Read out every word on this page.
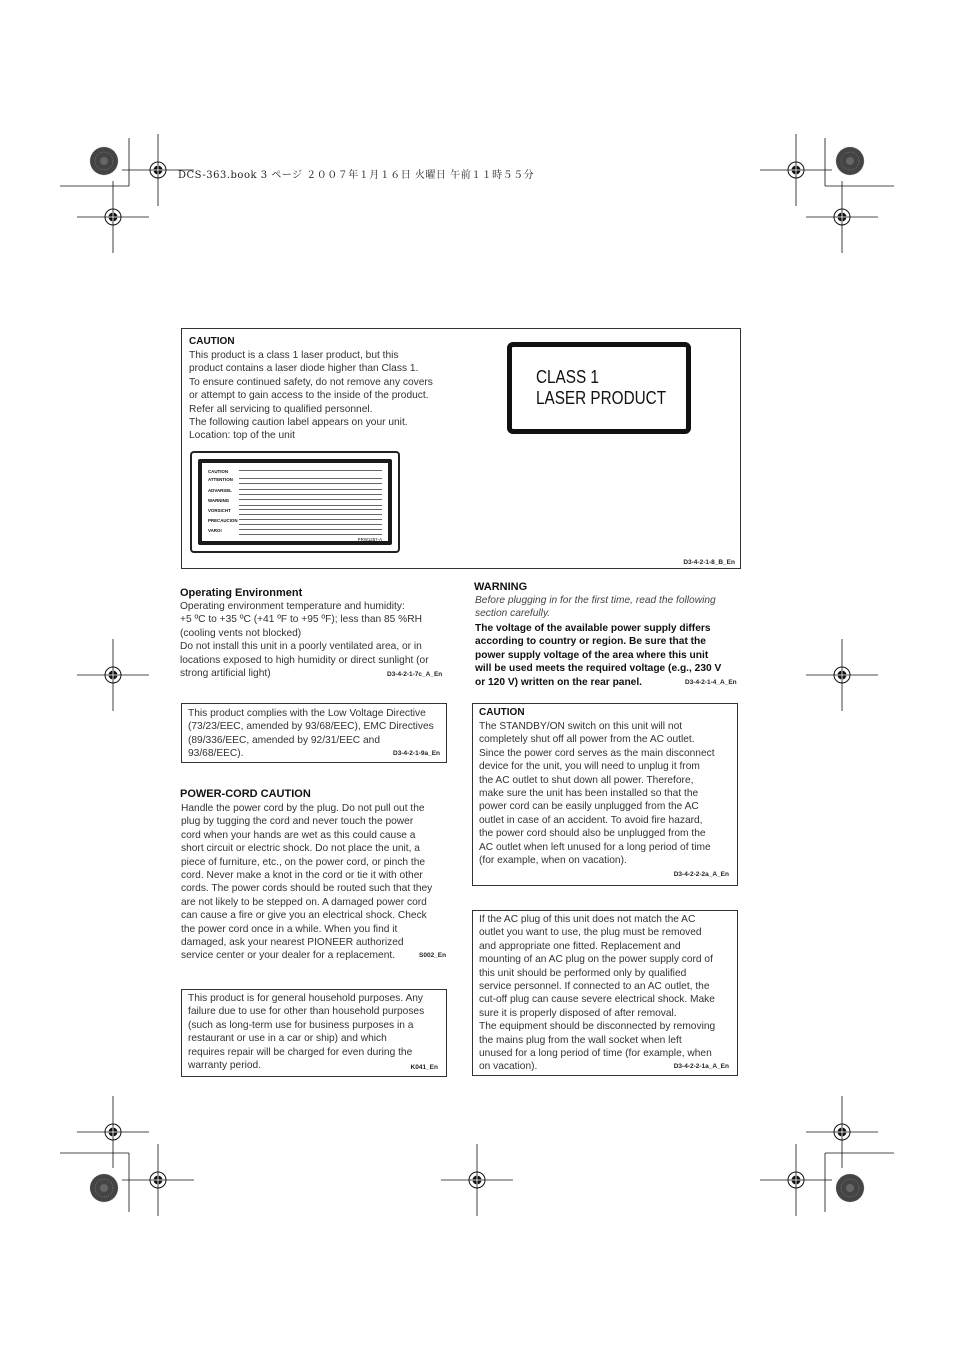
DCS-363.book 3 ページ ２００７年１月１６日 火曜日 午前１１時５５分
CAUTION
This product is a class 1 laser product, but this
product contains a laser diode higher than Class 1.
To ensure continued safety, do not remove any covers
or attempt to gain access to the inside of the product.
Refer all servicing to qualified personnel.
The following caution label appears on your unit.
Location: top of the unit
D3-4-2-1-8_B_En
CLASS 1
LASER PRODUCT
CAUTION
ATTENTION
ADVARSEL
WARNING
VORSICHT
PRECAUCION
VARO!
PRW1257-A
Operating Environment
Operating environment temperature and humidity:
+5 ºC to +35 ºC (+41 ºF to +95 ºF); less than 85 %RH
(cooling vents not blocked)
Do not install this unit in a poorly ventilated area, or in
locations exposed to high humidity or direct sunlight (or
strong artificial light)	D3-4-2-1-7c_A_En
This product complies with the Low Voltage Directive
(73/23/EEC, amended by 93/68/EEC), EMC Directives
(89/336/EEC, amended by 92/31/EEC and
93/68/EEC).	D3-4-2-1-9a_En
POWER-CORD CAUTION
Handle the power cord by the plug. Do not pull out the
plug by tugging the cord and never touch the power
cord when your hands are wet as this could cause a
short circuit or electric shock. Do not place the unit, a
piece of furniture, etc., on the power cord, or pinch the
cord. Never make a knot in the cord or tie it with other
cords. The power cords should be routed such that they
are not likely to be stepped on. A damaged power cord
can cause a fire or give you an electrical shock. Check
the power cord once in a while. When you find it
damaged, ask your nearest PIONEER authorized
service center or your dealer for a replacement.	S002_En
This product is for general household purposes. Any
failure due to use for other than household purposes
(such as long-term use for business purposes in a
restaurant or use in a car or ship) and which
requires repair will be charged for even during the
warranty period.	K041_En
WARNING
Before plugging in for the first time, read the following
section carefully.
The voltage of the available power supply differs
according to country or region. Be sure that the
power supply voltage of the area where this unit
will be used meets the required voltage (e.g., 230 V
or 120 V) written on the rear panel.	D3-4-2-1-4_A_En
CAUTION
The STANDBY/ON switch on this unit will not
completely shut off all power from the AC outlet.
Since the power cord serves as the main disconnect
device for the unit, you will need to unplug it from
the AC outlet to shut down all power. Therefore,
make sure the unit has been installed so that the
power cord can be easily unplugged from the AC
outlet in case of an accident. To avoid fire hazard,
the power cord should also be unplugged from the
AC outlet when left unused for a long period of time
(for example, when on vacation).
D3-4-2-2-2a_A_En
If the AC plug of this unit does not match the AC
outlet you want to use, the plug must be removed
and appropriate one fitted. Replacement and
mounting of an AC plug on the power supply cord of
this unit should be performed only by qualified
service personnel. If connected to an AC outlet, the
cut-off plug can cause severe electrical shock. Make
sure it is properly disposed of after removal.
The equipment should be disconnected by removing
the mains plug from the wall socket when left
unused for a long period of time (for example, when
on vacation).	D3-4-2-2-1a_A_En
